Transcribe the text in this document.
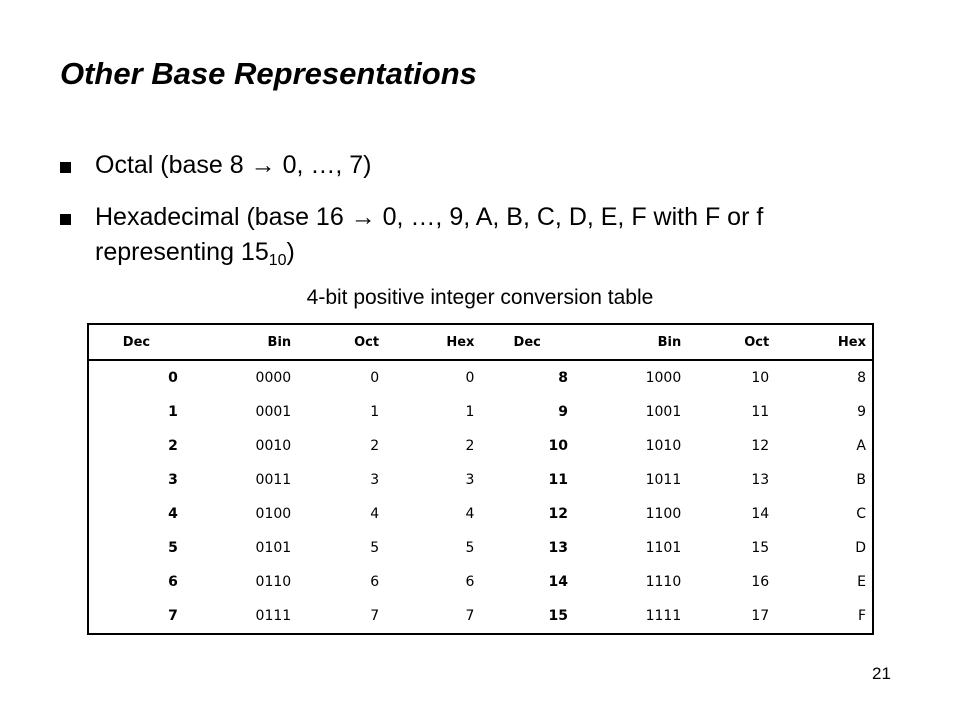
Other Base Representations
Octal (base 8 → 0, …, 7)
Hexadecimal (base 16 → 0, …, 9, A, B, C, D, E, F with F or f representing $15_{10}$)
4-bit positive integer conversion table
Dec	Bin	Oct	Hex	Dec	Bin	Oct	Hex
0	0000	0	0	8	1000	10	8
1	0001	1	1	9	1001	11	9
2	0010	2	2	10	1010	12	A
3	0011	3	3	11	1011	13	B
4	0100	4	4	12	1100	14	C
5	0101	5	5	13	1101	15	D
6	0110	6	6	14	1110	16	E
7	0111	7	7	15	1111	17	F
21
